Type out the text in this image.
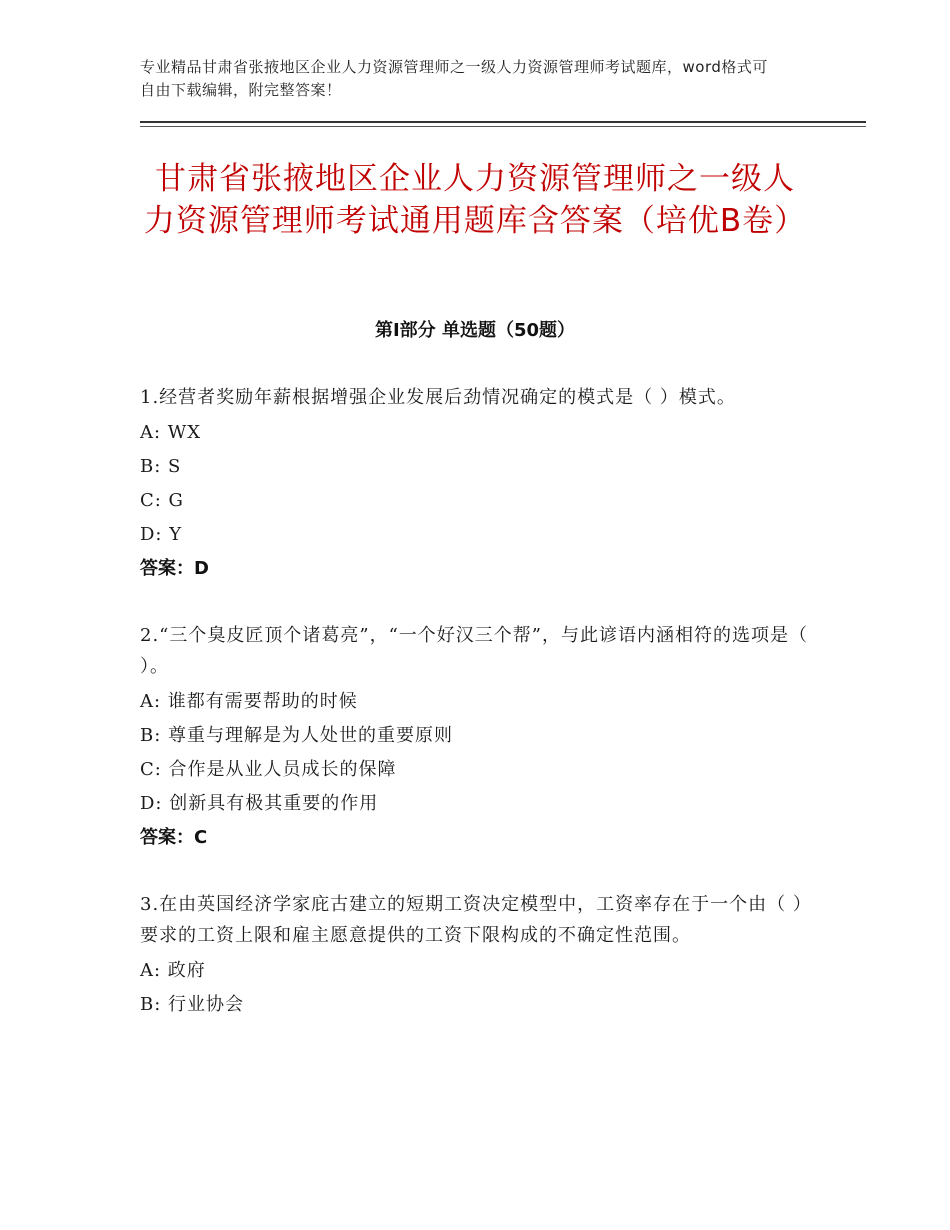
专业精品甘肃省张掖地区企业人力资源管理师之一级人力资源管理师考试题库，word格式可自由下载编辑，附完整答案！
甘肃省张掖地区企业人力资源管理师之一级人力资源管理师考试通用题库含答案（培优B卷）
第Ⅰ部分 单选题（50题）
1.经营者奖励年薪根据增强企业发展后劲情况确定的模式是（ ）模式。
A: WX
B: S
C: G
D: Y
答案：D
2.“三个臭皮匠顶个诸葛亮”，“一个好汉三个帮”，与此谚语内涵相符的选项是（ ）。
A: 谁都有需要帮助的时候
B: 尊重与理解是为人处世的重要原则
C: 合作是从业人员成长的保障
D: 创新具有极其重要的作用
答案：C
3.在由英国经济学家庇古建立的短期工资决定模型中，工资率存在于一个由（ ）要求的工资上限和雇主愿意提供的工资下限构成的不确定性范围。
A: 政府
B: 行业协会
